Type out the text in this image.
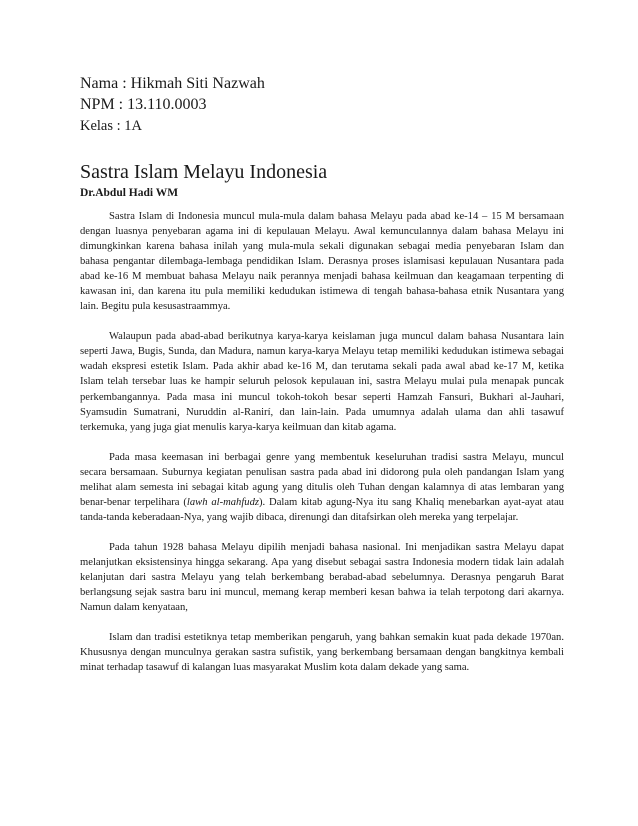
Nama : Hikmah Siti Nazwah

NPM : 13.110.0003

Kelas : 1A

Sastra Islam Melayu Indonesia

Dr.Abdul Hadi WM

Sastra Islam di Indonesia muncul mula-mula dalam bahasa Melayu pada abad ke-14 – 15 M bersamaan dengan luasnya penyebaran agama ini di kepulauan Melayu. Awal kemunculannya dalam bahasa Melayu ini dimungkinkan karena bahasa inilah yang mula-mula sekali digunakan sebagai media penyebaran Islam dan bahasa pengantar dilembaga-lembaga pendidikan Islam. Derasnya proses islamisasi kepulauan Nusantara pada abad ke-16 M membuat bahasa Melayu naik perannya menjadi bahasa keilmuan dan keagamaan terpenting di kawasan ini, dan karena itu pula memiliki kedudukan istimewa di tengah bahasa-bahasa etnik Nusantara yang lain. Begitu pula kesusastraammya.

Walaupun pada abad-abad berikutnya karya-karya keislaman juga muncul dalam bahasa Nusantara lain seperti Jawa, Bugis, Sunda, dan Madura, namun karya-karya Melayu tetap memiliki kedudukan istimewa sebagai wadah ekspresi estetik Islam. Pada akhir abad ke-16 M, dan terutama sekali pada awal abad ke-17 M, ketika Islam telah tersebar luas ke hampir seluruh pelosok kepulauan ini, sastra Melayu mulai pula menapak puncak perkembangannya. Pada masa ini muncul tokoh-tokoh besar seperti Hamzah Fansuri, Bukhari al-Jauhari, Syamsudin Sumatrani, Nuruddin al-Ranirí, dan lain-lain. Pada umumnya adalah ulama dan ahli tasawuf terkemuka, yang juga giat menulis karya-karya keilmuan dan kitab agama.

Pada masa keemasan ini berbagai genre yang membentuk keseluruhan tradisi sastra Melayu, muncul secara bersamaan. Suburnya kegiatan penulisan sastra pada abad ini didorong pula oleh pandangan Islam yang melihat alam semesta ini sebagai kitab agung yang ditulis oleh Tuhan dengan kalamnya di atas lembaran yang benar-benar terpelihara (lawh al-mahfudz). Dalam kitab agung-Nya itu sang Khaliq menebarkan ayat-ayat atau tanda-tanda keberadaan-Nya, yang wajib dibaca, direnungi dan ditafsirkan oleh mereka yang terpelajar.

Pada tahun 1928 bahasa Melayu dipilih menjadi bahasa nasional. Ini menjadikan sastra Melayu dapat melanjutkan eksistensinya hingga sekarang. Apa yang disebut sebagai sastra Indonesia modern tidak lain adalah kelanjutan dari sastra Melayu yang telah berkembang berabad-abad sebelumnya. Derasnya pengaruh Barat berlangsung sejak sastra baru ini muncul, memang kerap memberi kesan bahwa ia telah terpotong dari akarnya. Namun dalam kenyataan,

Islam dan tradisi estetiknya tetap memberikan pengaruh, yang bahkan semakin kuat pada dekade 1970an. Khususnya dengan munculnya gerakan sastra sufistik, yang berkembang bersamaan dengan bangkitnya kembali minat terhadap tasawuf di kalangan luas masyarakat Muslim kota dalam dekade yang sama.
